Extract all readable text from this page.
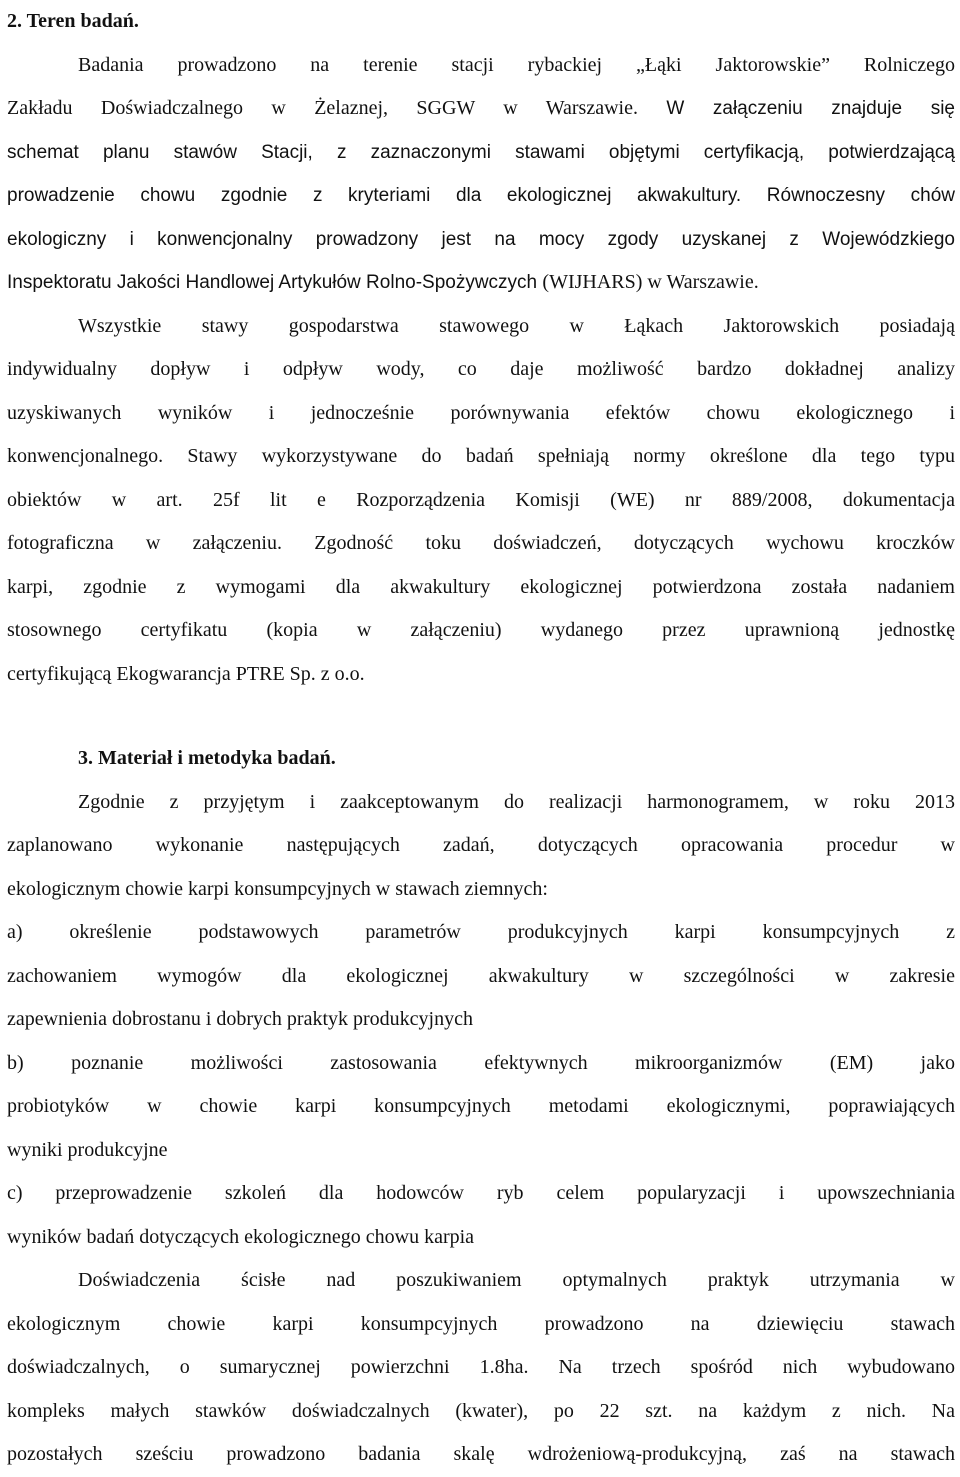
2. Teren badań.
Badania prowadzono na terenie stacji rybackiej „Łąki Jaktorowskie” Rolniczego
Zakładu Doświadczalnego w Żelaznej, SGGW w Warszawie. W załączeniu znajduje się
schemat planu stawów Stacji, z zaznaczonymi stawami objętymi certyfikacją, potwierdzającą
prowadzenie chowu zgodnie z kryteriami dla ekologicznej akwakultury. Równoczesny chów
ekologiczny i konwencjonalny prowadzony jest na mocy zgody uzyskanej z Wojewódzkiego
Inspektoratu Jakości Handlowej Artykułów Rolno-Spożywczych (WIJHARS) w Warszawie.
Wszystkie stawy gospodarstwa stawowego w Łąkach Jaktorowskich posiadają
indywidualny dopływ i odpływ wody, co daje możliwość bardzo dokładnej analizy
uzyskiwanych wyników i jednocześnie porównywania efektów chowu ekologicznego i
konwencjonalnego. Stawy wykorzystywane do badań spełniają normy określone dla tego typu
obiektów w art. 25f lit e Rozporządzenia Komisji (WE) nr 889/2008, dokumentacja
fotograficzna w załączeniu. Zgodność toku doświadczeń, dotyczących wychowu kroczków
karpi, zgodnie z wymogami dla akwakultury ekologicznej potwierdzona została nadaniem
stosownego certyfikatu (kopia w załączeniu) wydanego przez uprawnioną jednostkę
certyfikującą Ekogwarancja PTRE Sp. z o.o.
3. Materiał i metodyka badań.
Zgodnie z przyjętym i zaakceptowanym do realizacji harmonogramem, w roku 2013
zaplanowano wykonanie następujących zadań, dotyczących opracowania procedur w
ekologicznym chowie karpi konsumpcyjnych w stawach ziemnych:
a) określenie podstawowych parametrów produkcyjnych karpi konsumpcyjnych z
zachowaniem wymogów dla ekologicznej akwakultury w szczególności w zakresie
zapewnienia dobrostanu i dobrych praktyk produkcyjnych
b) poznanie możliwości zastosowania efektywnych mikroorganizmów (EM) jako
probiotyków w chowie karpi konsumpcyjnych metodami ekologicznymi, poprawiających
wyniki produkcyjne
c) przeprowadzenie szkoleń dla hodowców ryb celem popularyzacji i upowszechniania
wyników badań dotyczących ekologicznego chowu karpia
Doświadczenia ścisłe nad poszukiwaniem optymalnych praktyk utrzymania w
ekologicznym chowie karpi konsumpcyjnych prowadzono na dziewięciu stawach
doświadczalnych, o sumarycznej powierzchni 1.8ha. Na trzech spośród nich wybudowano
kompleks małych stawków doświadczalnych (kwater), po 22 szt. na każdym z nich. Na
pozostałych sześciu prowadzono badania skalę wdrożeniową-produkcyjną, zaś na stawach
